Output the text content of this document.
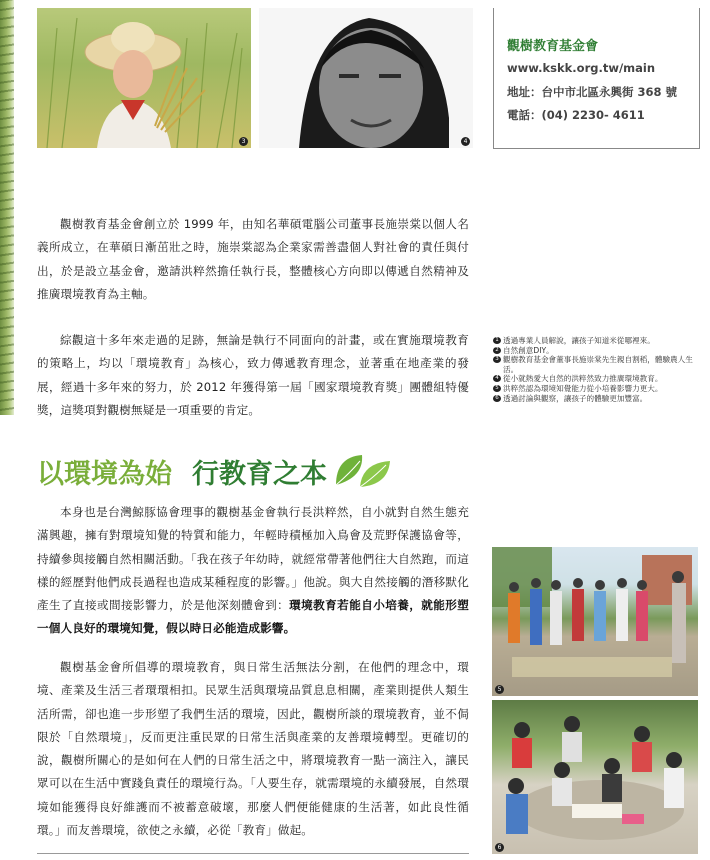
3	4
觀樹教育基金會
www.kskk.org.tw/main
地址：台中市北區永興街 368 號
電話：(04) 2230- 4611

觀樹教育基金會創立於 1999 年，由知名華碩電腦公司董事長施崇棠以個人名義所成立，在華碩日漸茁壯之時，施崇棠認為企業家需善盡個人對社會的責任與付出，於是設立基金會，邀請洪粹然擔任執行長，整體核心方向即以傳遞自然精神及推廣環境教育為主軸。

綜觀這十多年來走過的足跡，無論是執行不同面向的計畫，或在實施環境教育的策略上，均以「環境教育」為核心，致力傳遞教育理念，並著重在地產業的發展，經過十多年來的努力，於 2012 年獲得第一屆「國家環境教育獎」團體組特優獎，這獎項對觀樹無疑是一項重要的肯定。

1 透過專業人員解說，讓孩子知道米從哪裡來。
2 自然創意DIY。
3 觀樹教育基金會董事長施崇棠先生親自割稻，體驗農人生活。
4 從小就熱愛大自然的洪粹然致力推廣環境教育。
5 洪粹然認為環境知覺能力從小培養影響力更大。
6 透過討論與觀察，讓孩子的體驗更加豐富。
以環境為始 行教育之本

本身也是台灣鯨豚協會理事的觀樹基金會執行長洪粹然，自小就對自然生態充滿興趣，擁有對環境知覺的特質和能力，年輕時積極加入鳥會及荒野保護協會等，持續參與接觸自然相關活動。「我在孩子年幼時，就經常帶著他們往大自然跑，而這樣的經歷對他們成長過程也造成某種程度的影響。」他說。與大自然接觸的潛移默化產生了直接或間接影響力，於是他深刻體會到：環境教育若能自小培養，就能形塑一個人良好的環境知覺，假以時日必能造成影響。

觀樹基金會所倡導的環境教育，與日常生活無法分割，在他們的理念中，環境、產業及生活三者環環相扣。民眾生活與環境品質息息相關，產業則提供人類生活所需，卻也進一步形塑了我們生活的環境，因此，觀樹所談的環境教育，並不侷限於「自然環境」，反而更注重民眾的日常生活與產業的友善環境轉型。更確切的說，觀樹所關心的是如何在人們的日常生活之中，將環境教育一點一滴注入，讓民眾可以在生活中實踐負責任的環境行為。「人要生存，就需環境的永續發展，自然環境如能獲得良好維護而不被蓄意破壞，那麼人們便能健康的生活著，如此良性循環。」而友善環境，欲使之永續，必從「教育」做起。

5
6
